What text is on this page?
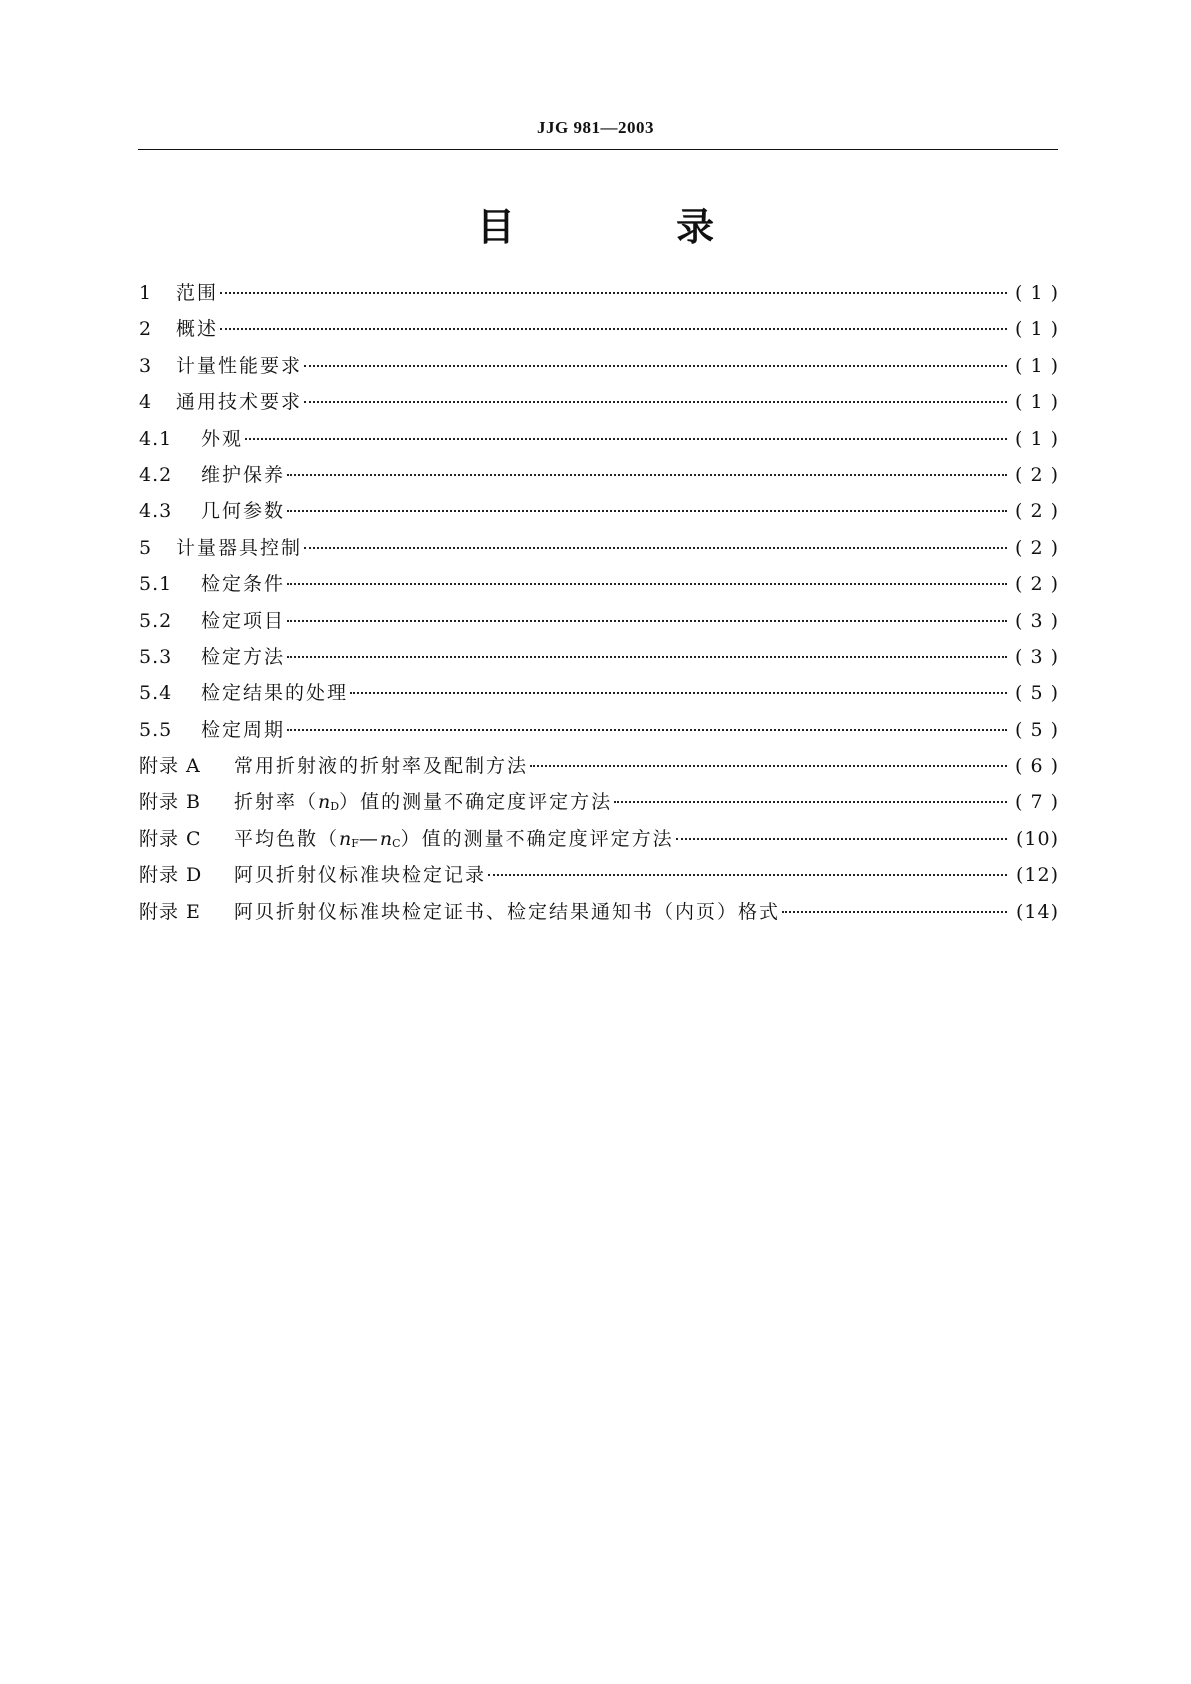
JJG 981—2003
目 录
1	范围	( 1 )
2	概述	( 1 )
3	计量性能要求	( 1 )
4	通用技术要求	( 1 )
4.1	外观	( 1 )
4.2	维护保养	( 2 )
4.3	几何参数	( 2 )
5	计量器具控制	( 2 )
5.1	检定条件	( 2 )
5.2	检定项目	( 3 )
5.3	检定方法	( 3 )
5.4	检定结果的处理	( 5 )
5.5	检定周期	( 5 )
附录 A	常用折射液的折射率及配制方法	( 6 )
附录 B	折射率$(n_D)$值的测量不确定度评定方法	( 7 )
附录 C	平均色散$(n_F—n_C)$值的测量不确定度评定方法	(10)
附录 D	阿贝折射仪标准块检定记录	(12)
附录 E	阿贝折射仪标准块检定证书、检定结果通知书（内页）格式	(14)
